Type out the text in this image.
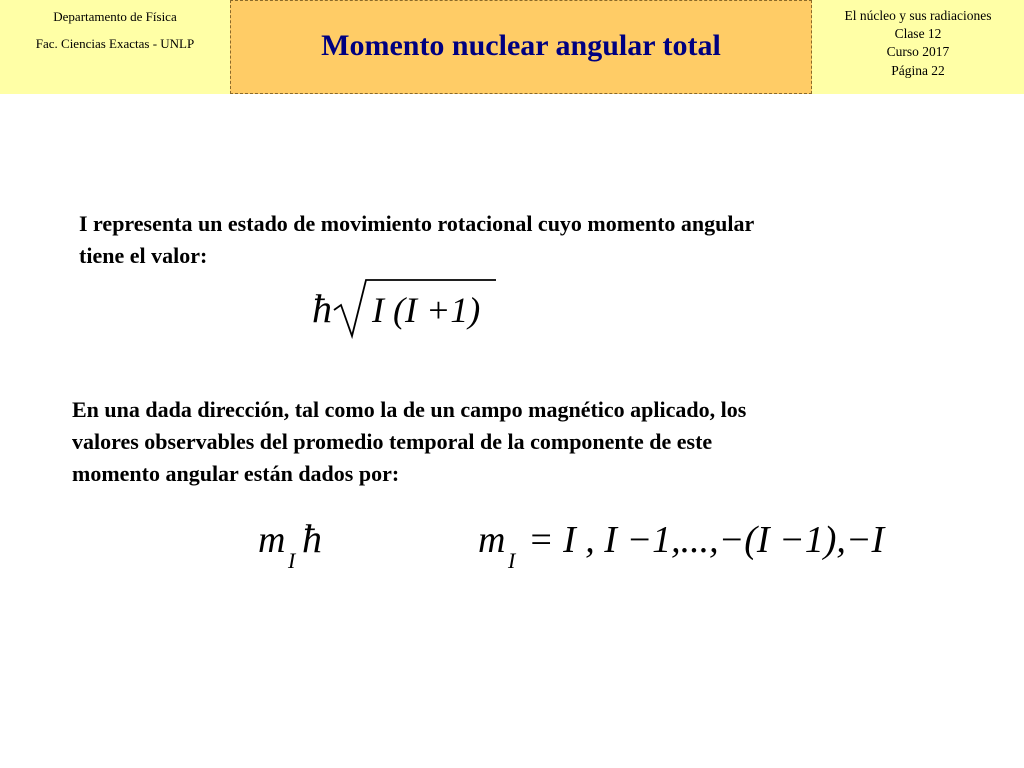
Departamento de Física
Fac. Ciencias Exactas - UNLP	Momento nuclear angular total
El núcleo y sus radiaciones
Clase 12
Curso 2017
Página 22
I representa un estado de movimiento rotacional cuyo momento angular
tiene el valor:
ħ I (I +1)
En una dada dirección, tal como la de un campo magnético aplicado, los
valores observables del promedio temporal de la componente de este
momento angular están dados por:
m I ħ	m I = I , I −1,...,−(I −1),−I
